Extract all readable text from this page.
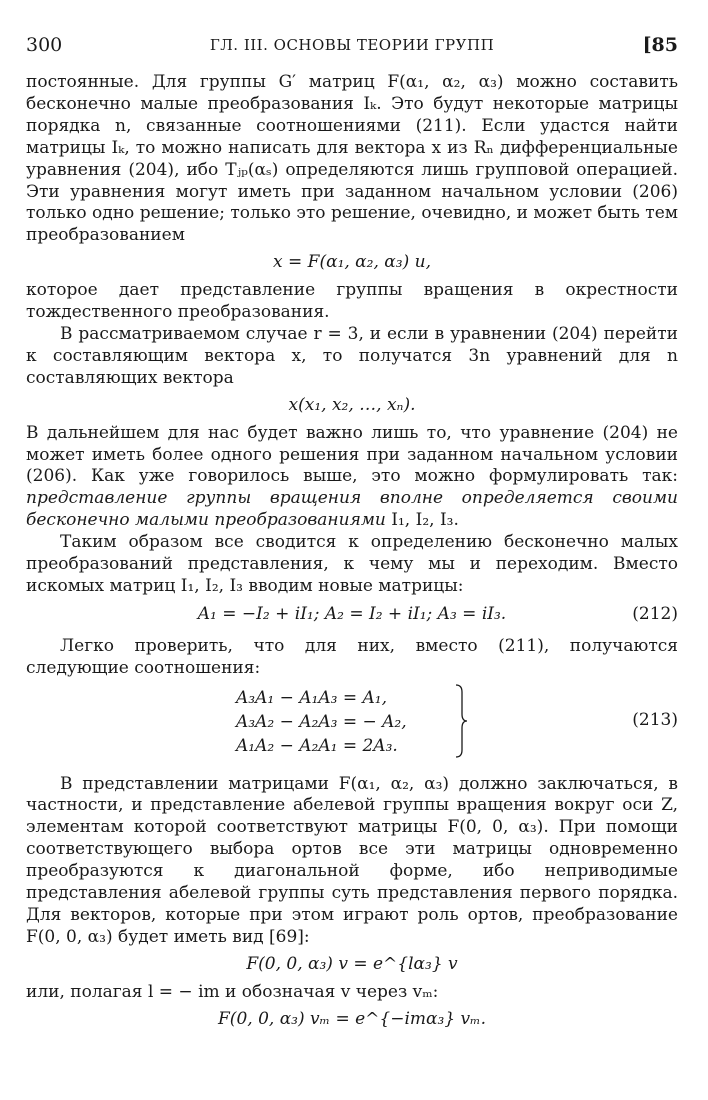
300	ГЛ. III. ОСНОВЫ ТЕОРИИ ГРУПП	[85

постоянные. Для группы G′ матриц F(α₁, α₂, α₃) можно составить бесконечно малые преобразования Iₖ. Это будут некоторые матрицы порядка n, связанные соотношениями (211). Если удастся найти матрицы Iₖ, то можно написать для вектора x из Rₙ дифференциальные уравнения (204), ибо Tⱼₚ(αₛ) определяются лишь групповой операцией. Эти уравнения могут иметь при заданном начальном условии (206) только одно решение; только это решение, очевидно, и может быть тем преобразованием

x = F(α₁, α₂, α₃) u,

которое дает представление группы вращения в окрестности тождественного преобразования.

В рассматриваемом случае r = 3, и если в уравнении (204) перейти к составляющим вектора x, то получатся 3n уравнений для n составляющих вектора

x(x₁, x₂, …, xₙ).

В дальнейшем для нас будет важно лишь то, что уравнение (204) не может иметь более одного решения при заданном начальном условии (206). Как уже говорилось выше, это можно формулировать так: представление группы вращения вполне определяется своими бесконечно малыми преобразованиями I₁, I₂, I₃.

Таким образом все сводится к определению бесконечно малых преобразований представления, к чему мы и переходим. Вместо искомых матриц I₁, I₂, I₃ вводим новые матрицы:

A₁ = −I₂ + iI₁; A₂ = I₂ + iI₁; A₃ = iI₃.	(212)

Легко проверить, что для них, вместо (211), получаются следующие соотношения:

A₃A₁ − A₁A₃ = A₁,
A₃A₂ − A₂A₃ = − A₂,
A₁A₂ − A₂A₁ = 2A₃.
(213)

В представлении матрицами F(α₁, α₂, α₃) должно заключаться, в частности, и представление абелевой группы вращения вокруг оси Z, элементам которой соответствуют матрицы F(0, 0, α₃). При помощи соответствующего выбора ортов все эти матрицы одновременно преобразуются к диагональной форме, ибо неприводимые представления абелевой группы суть представления первого порядка. Для векторов, которые при этом играют роль ортов, преобразование F(0, 0, α₃) будет иметь вид [69]:

F(0, 0, α₃) v = e^{lα₃} v

или, полагая l = − im и обозначая v через vₘ:

F(0, 0, α₃) vₘ = e^{−imα₃} vₘ.
